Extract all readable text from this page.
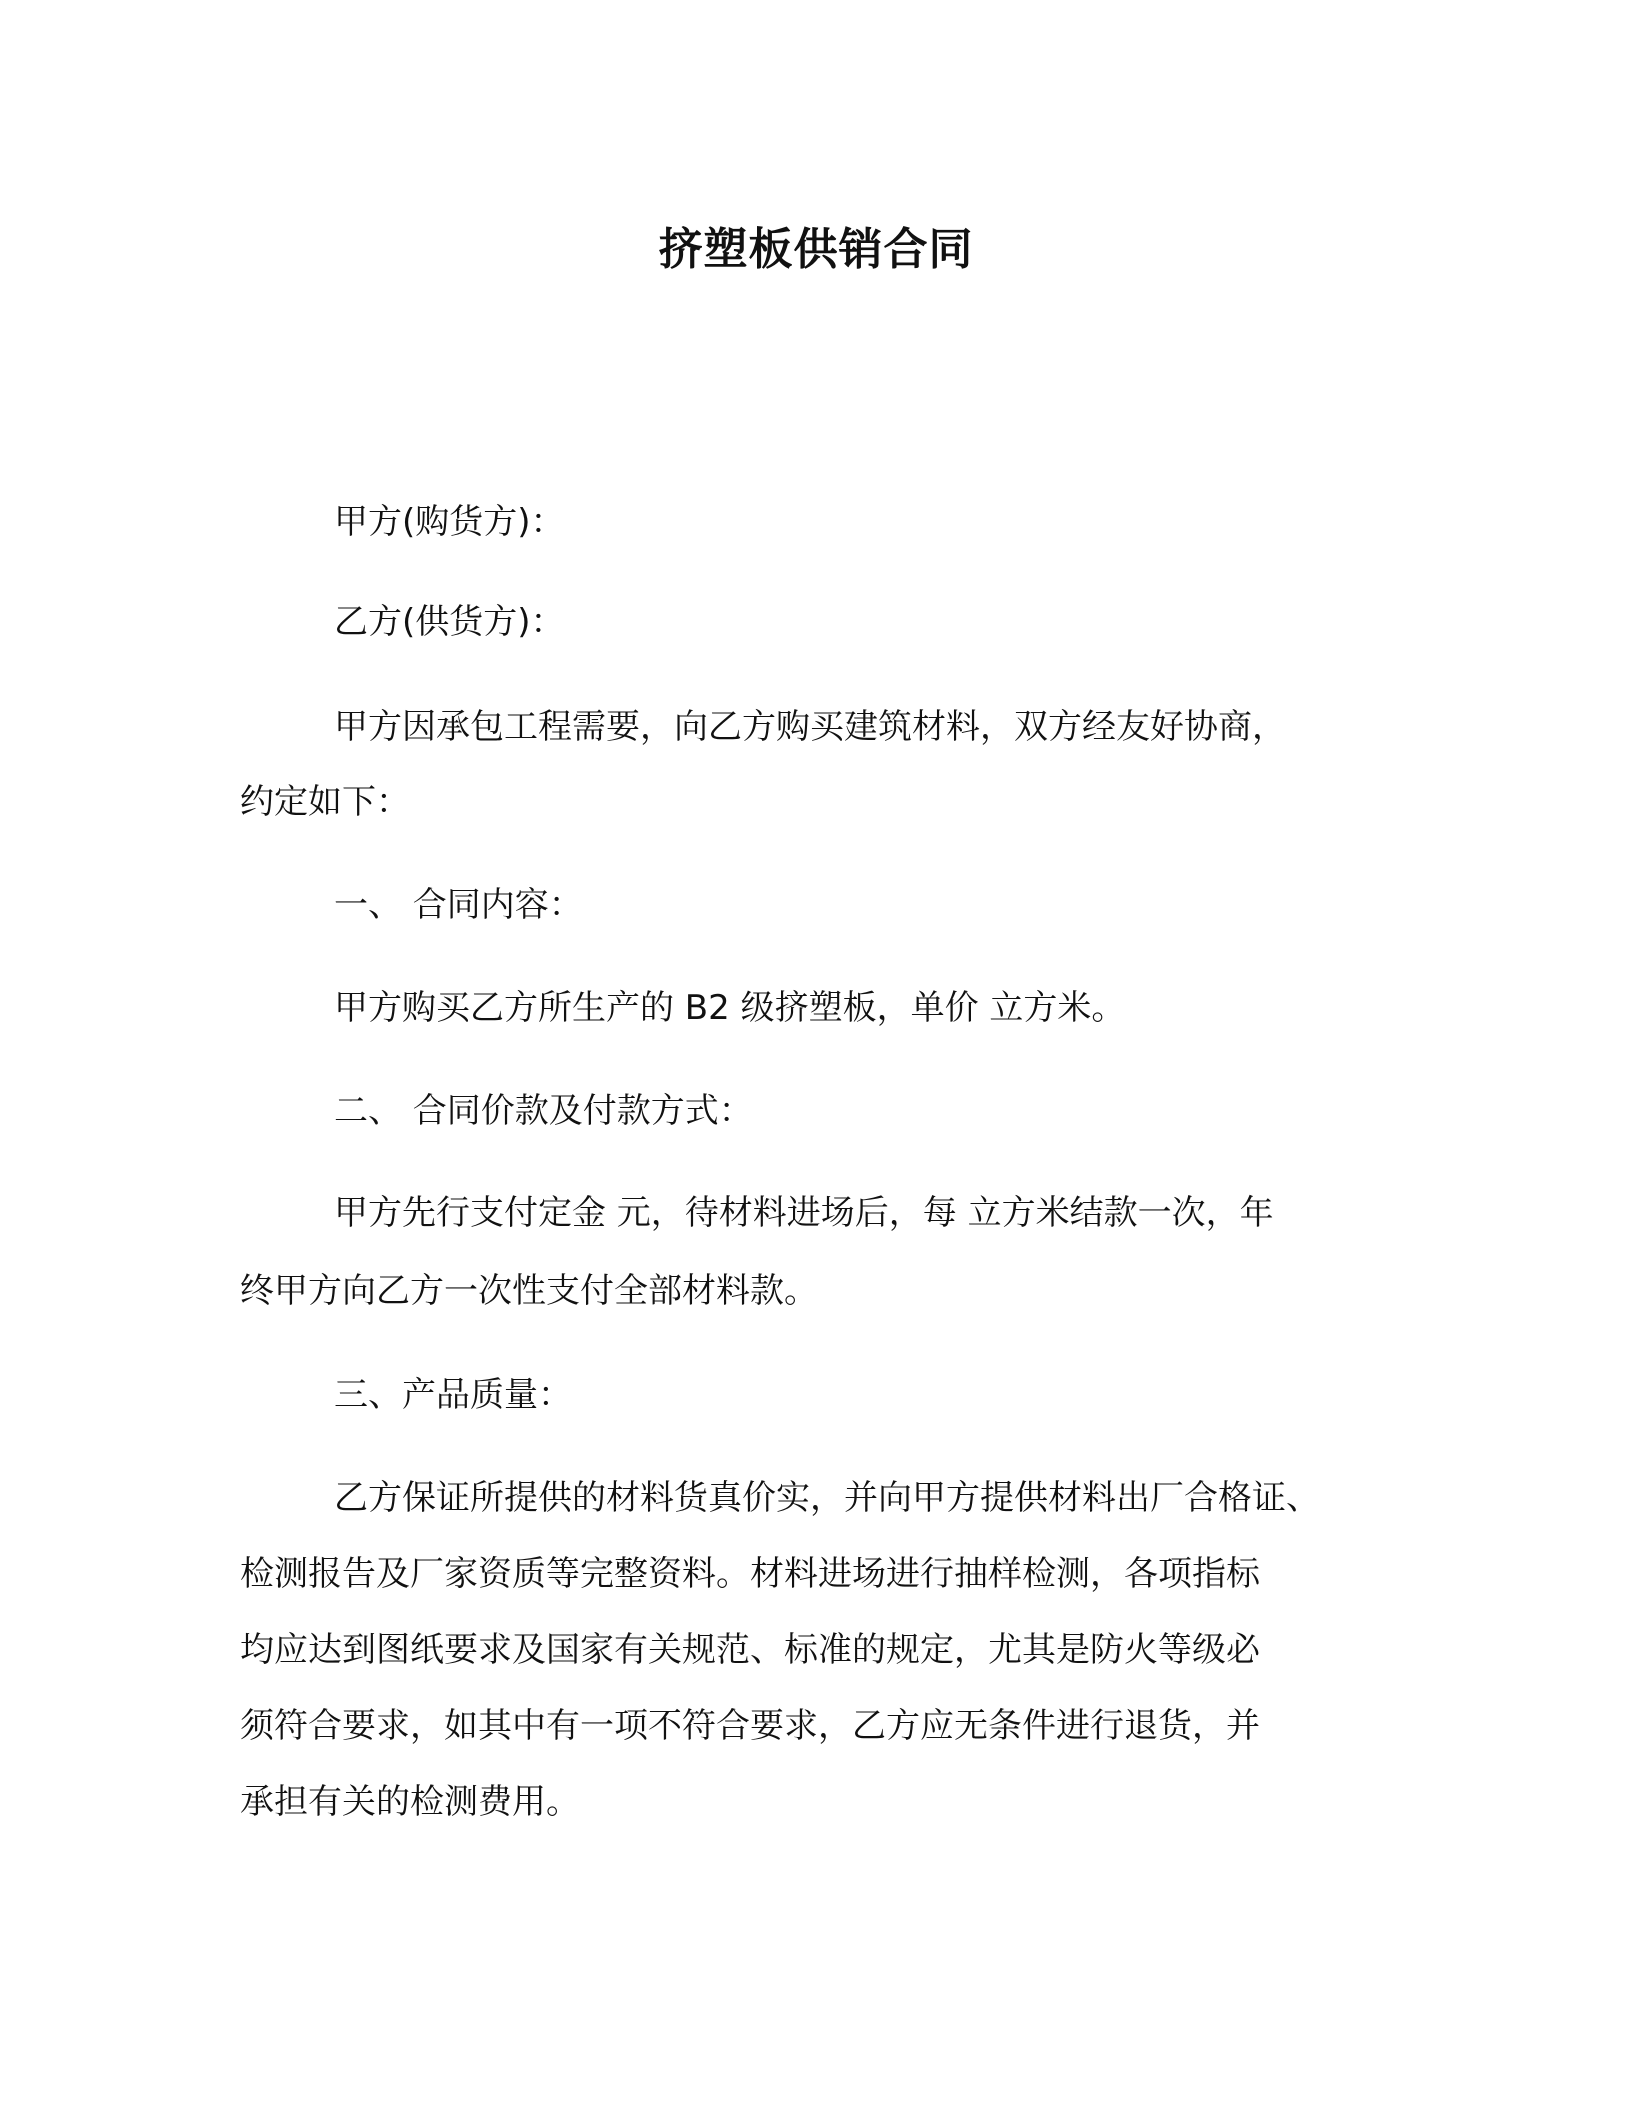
挤塑板供销合同
甲方(购货方)：
乙方(供货方)：
甲方因承包工程需要，向乙方购买建筑材料，双方经友好协商，
约定如下：
一、 合同内容：
甲方购买乙方所生产的 B2 级挤塑板，单价 立方米。
二、 合同价款及付款方式：
甲方先行支付定金 元，待材料进场后，每 立方米结款一次，年
终甲方向乙方一次性支付全部材料款。
三、产品质量：
乙方保证所提供的材料货真价实，并向甲方提供材料出厂合格证、
检测报告及厂家资质等完整资料。材料进场进行抽样检测，各项指标
均应达到图纸要求及国家有关规范、标准的规定，尤其是防火等级必
须符合要求，如其中有一项不符合要求，乙方应无条件进行退货，并
承担有关的检测费用。
